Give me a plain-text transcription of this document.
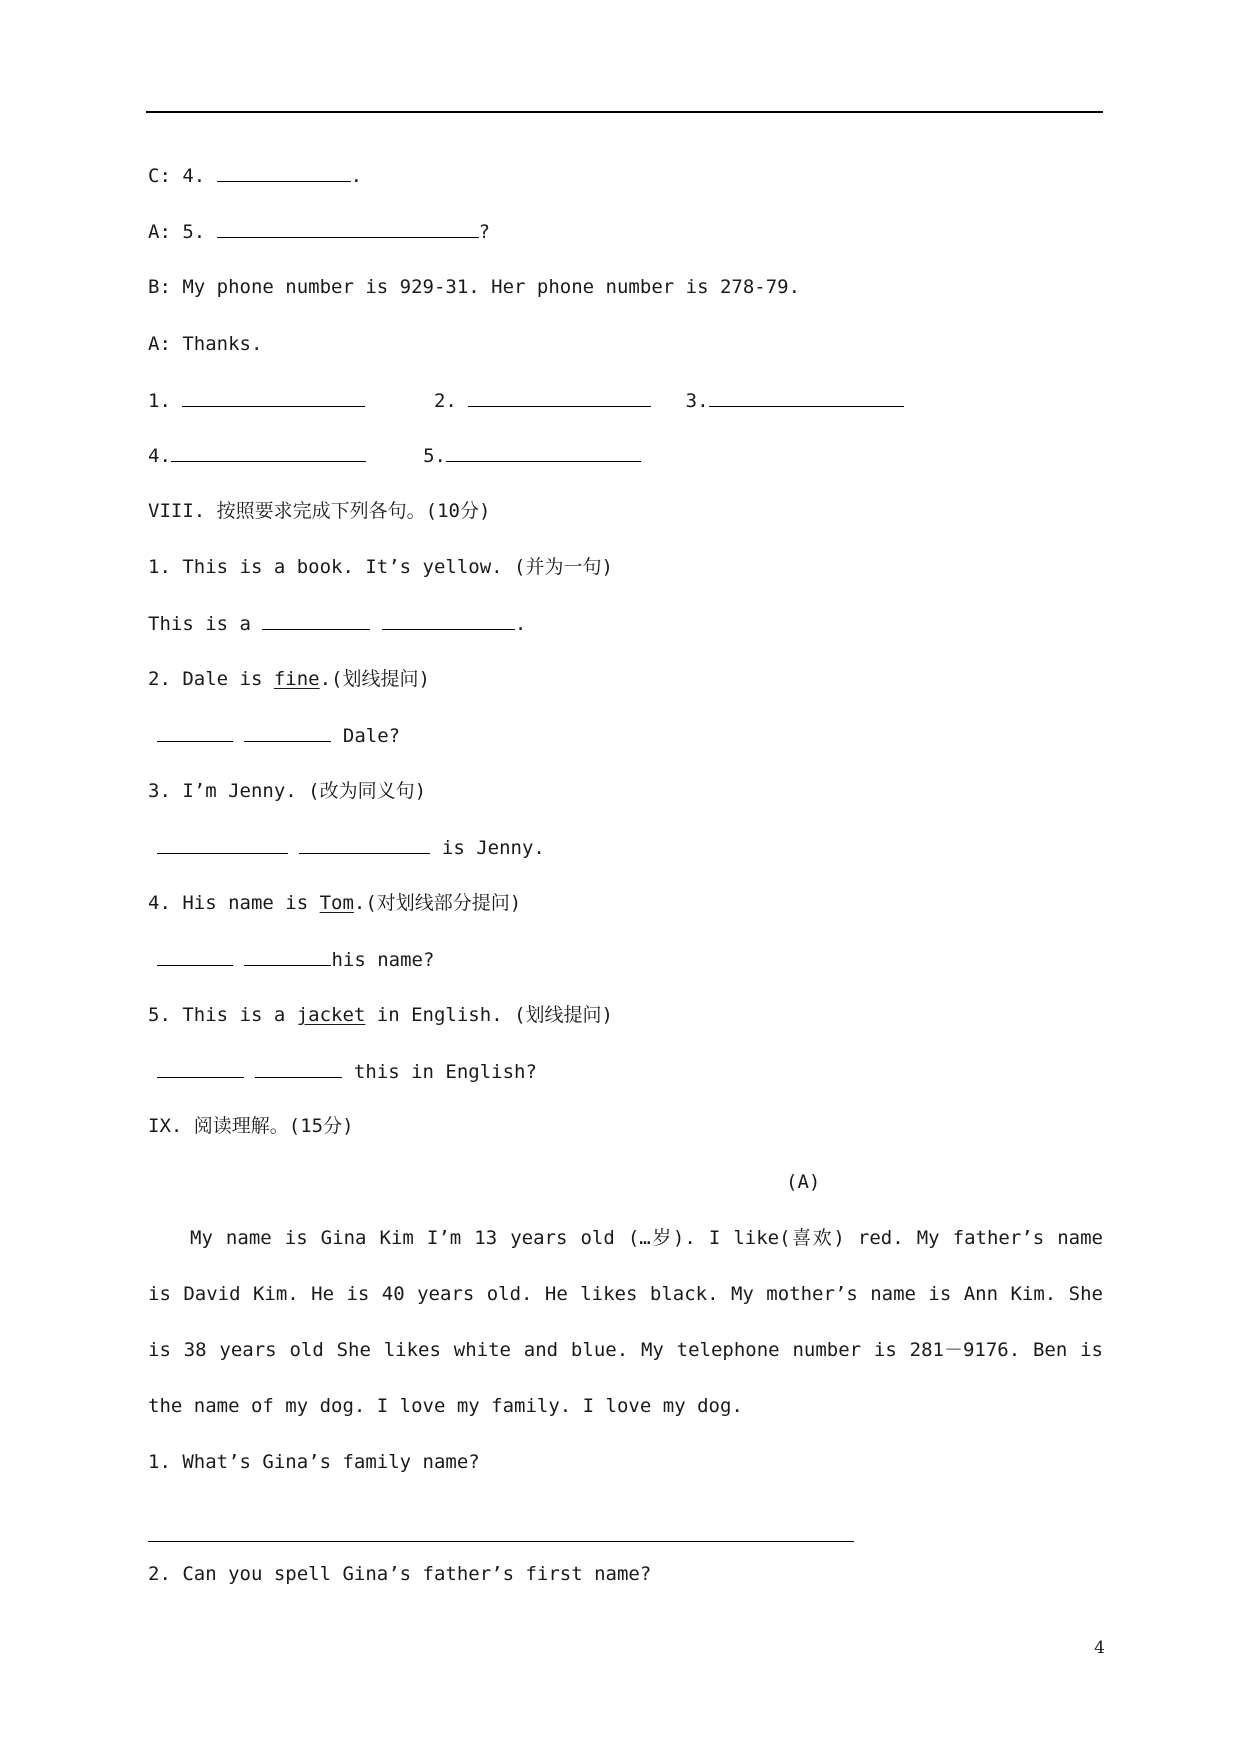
C: 4.	.
A: 5.	?
B: My phone number is 929-31. Her phone number is 278-79.
A: Thanks.
1.	2.	3.
4.	5.
VIII. 按照要求完成下列各句。(10分)
1. This is a book. It’s yellow. (并为一句)
This is a	.
2. Dale is fine.(划线提问)
Dale?
3. I’m Jenny. (改为同义句)
is Jenny.
4. His name is Tom.(对划线部分提问)
his name?
5. This is a jacket in English. (划线提问)
this in English?
IX. 阅读理解。(15分)
(A)
My name is Gina Kim I’m 13 years old (…岁). I like(喜欢) red. My father’s name is David Kim. He is 40 years old. He likes black. My mother’s name is Ann Kim. She is 38 years old She likes white and blue. My telephone number is 281－9176. Ben is the name of my dog. I love my family. I love my dog.
1. What’s Gina’s family name?
2. Can you spell Gina’s father’s first name?
4
